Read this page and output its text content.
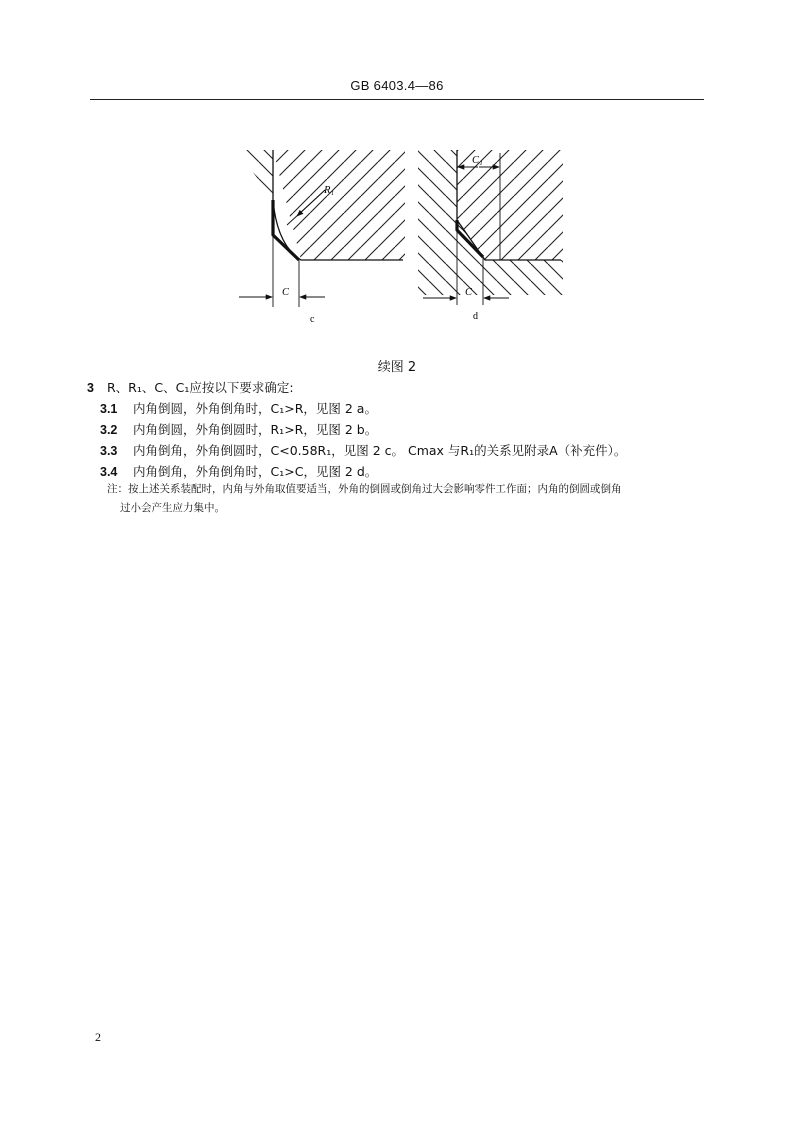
GB 6403.4—86
R₁
C
c
C₁
C
d
续图 2
3 R、R₁、C、C₁应按以下要求确定:
3.1 内角倒圆，外角倒角时，C₁>R，见图 2 a。
3.2 内角倒圆，外角倒圆时，R₁>R，见图 2 b。
3.3 内角倒角，外角倒圆时，C<0.58R₁，见图 2 c。 Cmax 与R₁的关系见附录A（补充件）。
3.4 内角倒角，外角倒角时，C₁>C，见图 2 d。
注：按上述关系装配时，内角与外角取值要适当，外角的倒圆或倒角过大会影响零件工作面；内角的倒圆或倒角
过小会产生应力集中。
2
